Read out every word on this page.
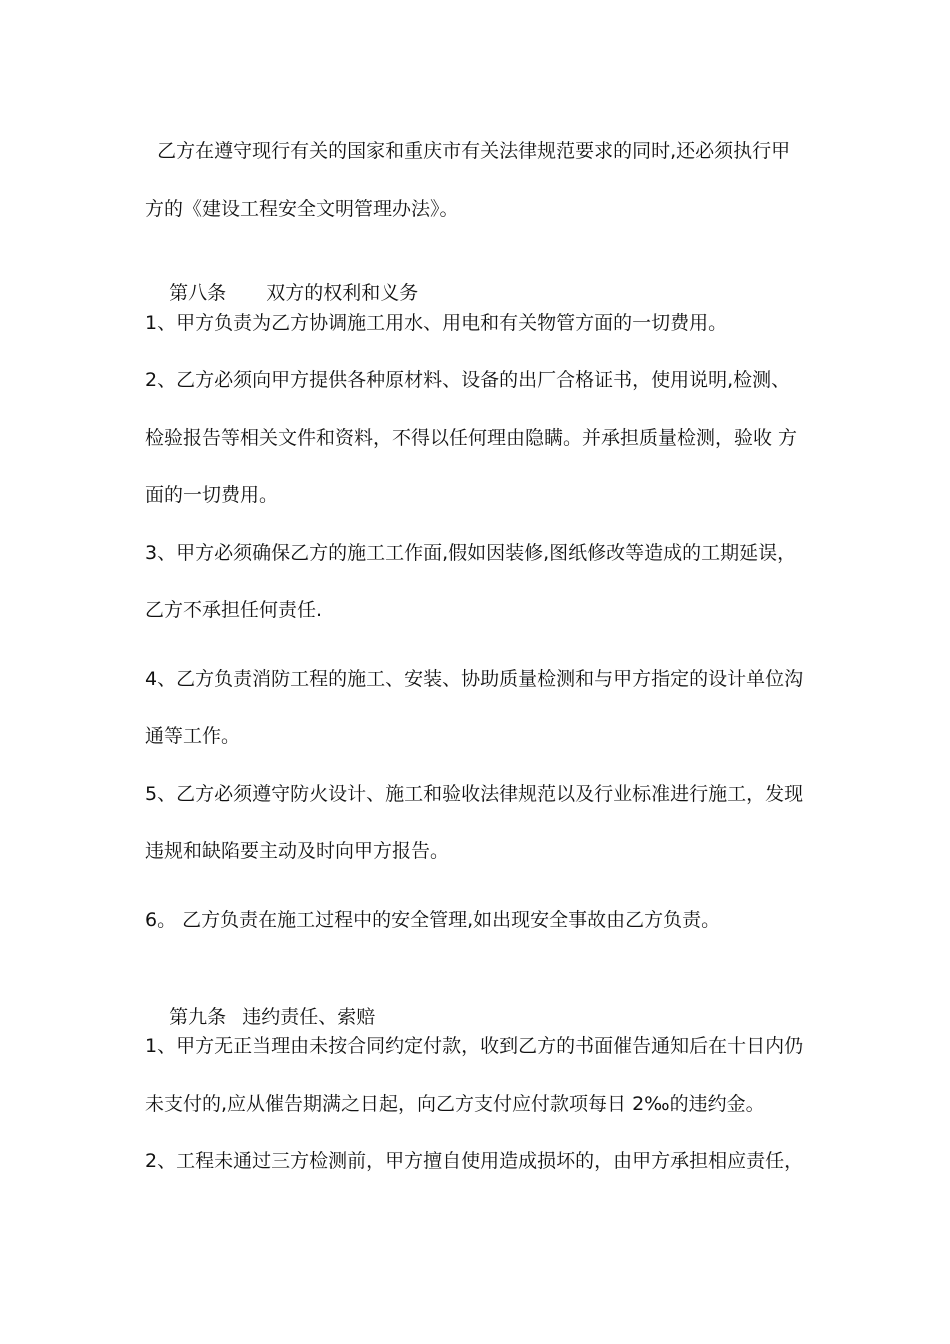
乙方在遵守现行有关的国家和重庆市有关法律规范要求的同时,还必须执行甲
方的《建设工程安全文明管理办法》。

第八条 双方的权利和义务

1、甲方负责为乙方协调施工用水、用电和有关物管方面的一切费用。
2、乙方必须向甲方提供各种原材料、设备的出厂合格证书，使用说明,检测、
检验报告等相关文件和资料，不得以任何理由隐瞒。并承担质量检测，验收 方
面的一切费用。
3、甲方必须确保乙方的施工工作面,假如因装修,图纸修改等造成的工期延误，
乙方不承担任何责任.
4、乙方负责消防工程的施工、安装、协助质量检测和与甲方指定的设计单位沟
通等工作。
5、乙方必须遵守防火设计、施工和验收法律规范以及行业标准进行施工，发现
违规和缺陷要主动及时向甲方报告。
6。 乙方负责在施工过程中的安全管理,如出现安全事故由乙方负责。

第九条 违约责任、索赔

1、甲方无正当理由未按合同约定付款，收到乙方的书面催告通知后在十日内仍
未支付的,应从催告期满之日起，向乙方支付应付款项每日 2‰的违约金。
2、工程未通过三方检测前，甲方擅自使用造成损坏的，由甲方承担相应责任，
